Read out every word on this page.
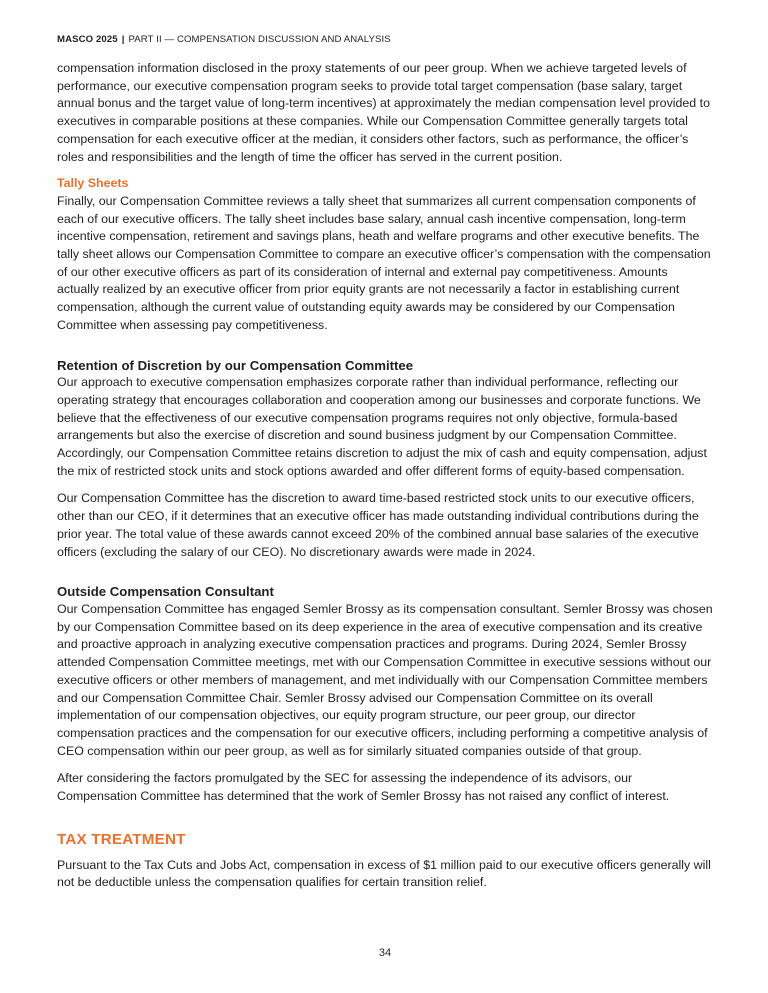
MASCO 2025 | PART II — COMPENSATION DISCUSSION AND ANALYSIS

compensation information disclosed in the proxy statements of our peer group. When we achieve targeted levels of performance, our executive compensation program seeks to provide total target compensation (base salary, target annual bonus and the target value of long-term incentives) at approximately the median compensation level provided to executives in comparable positions at these companies. While our Compensation Committee generally targets total compensation for each executive officer at the median, it considers other factors, such as performance, the officer’s roles and responsibilities and the length of time the officer has served in the current position.

Tally Sheets

Finally, our Compensation Committee reviews a tally sheet that summarizes all current compensation components of each of our executive officers. The tally sheet includes base salary, annual cash incentive compensation, long-term incentive compensation, retirement and savings plans, heath and welfare programs and other executive benefits. The tally sheet allows our Compensation Committee to compare an executive officer’s compensation with the compensation of our other executive officers as part of its consideration of internal and external pay competitiveness. Amounts actually realized by an executive officer from prior equity grants are not necessarily a factor in establishing current compensation, although the current value of outstanding equity awards may be considered by our Compensation Committee when assessing pay competitiveness.

Retention of Discretion by our Compensation Committee

Our approach to executive compensation emphasizes corporate rather than individual performance, reflecting our operating strategy that encourages collaboration and cooperation among our businesses and corporate functions. We believe that the effectiveness of our executive compensation programs requires not only objective, formula-based arrangements but also the exercise of discretion and sound business judgment by our Compensation Committee. Accordingly, our Compensation Committee retains discretion to adjust the mix of cash and equity compensation, adjust the mix of restricted stock units and stock options awarded and offer different forms of equity-based compensation.

Our Compensation Committee has the discretion to award time-based restricted stock units to our executive officers, other than our CEO, if it determines that an executive officer has made outstanding individual contributions during the prior year. The total value of these awards cannot exceed 20% of the combined annual base salaries of the executive officers (excluding the salary of our CEO). No discretionary awards were made in 2024.

Outside Compensation Consultant

Our Compensation Committee has engaged Semler Brossy as its compensation consultant. Semler Brossy was chosen by our Compensation Committee based on its deep experience in the area of executive compensation and its creative and proactive approach in analyzing executive compensation practices and programs. During 2024, Semler Brossy attended Compensation Committee meetings, met with our Compensation Committee in executive sessions without our executive officers or other members of management, and met individually with our Compensation Committee members and our Compensation Committee Chair. Semler Brossy advised our Compensation Committee on its overall implementation of our compensation objectives, our equity program structure, our peer group, our director compensation practices and the compensation for our executive officers, including performing a competitive analysis of CEO compensation within our peer group, as well as for similarly situated companies outside of that group.

After considering the factors promulgated by the SEC for assessing the independence of its advisors, our Compensation Committee has determined that the work of Semler Brossy has not raised any conflict of interest.

TAX TREATMENT

Pursuant to the Tax Cuts and Jobs Act, compensation in excess of $1 million paid to our executive officers generally will not be deductible unless the compensation qualifies for certain transition relief.

34
